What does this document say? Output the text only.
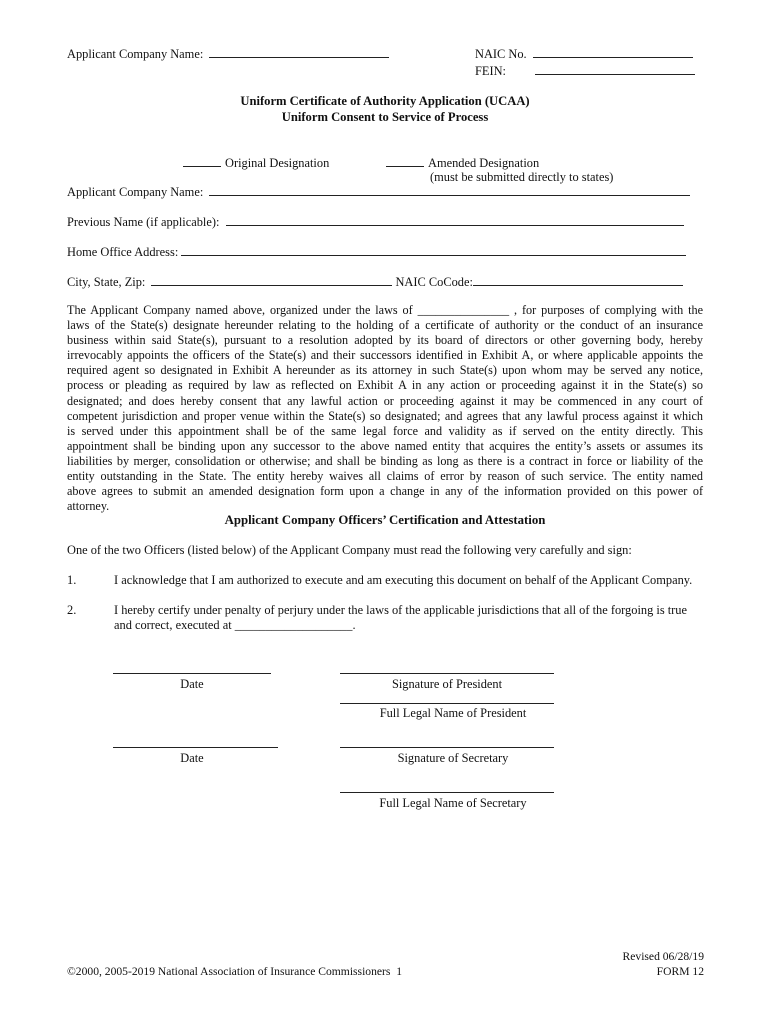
Applicant Company Name:	NAIC No.
FEIN:
Uniform Certificate of Authority Application (UCAA)
Uniform Consent to Service of Process
Original Designation	Amended Designation
(must be submitted directly to states)
Applicant Company Name:
Previous Name (if applicable):
Home Office Address:
City, State, Zip:	NAIC CoCode:
The Applicant Company named above, organized under the laws of _______________ , for purposes of complying with the
laws of the State(s) designate hereunder relating to the holding of a certificate of authority or the conduct of an insurance
business within said State(s), pursuant to a resolution adopted by its board of directors or other governing body, hereby
irrevocably appoints the officers of the State(s) and their successors identified in Exhibit A, or where applicable appoints the
required agent so designated in Exhibit A hereunder as its attorney in such State(s) upon whom may be served any notice,
process or pleading as required by law as reflected on Exhibit A in any action or proceeding against it in the State(s) so
designated; and does hereby consent that any lawful action or proceeding against it may be commenced in any court of
competent jurisdiction and proper venue within the State(s) so designated; and agrees that any lawful process against it which
is served under this appointment shall be of the same legal force and validity as if served on the entity directly. This
appointment shall be binding upon any successor to the above named entity that acquires the entity’s assets or assumes its
liabilities by merger, consolidation or otherwise; and shall be binding as long as there is a contract in force or liability of the
entity outstanding in the State. The entity hereby waives all claims of error by reason of such service. The entity named
above agrees to submit an amended designation form upon a change in any of the information provided on this power of
attorney.
Applicant Company Officers’ Certification and Attestation
One of the two Officers (listed below) of the Applicant Company must read the following very carefully and sign:
1.	I acknowledge that I am authorized to execute and am executing this document on behalf of the Applicant Company.
2.	I hereby certify under penalty of perjury under the laws of the applicable jurisdictions that all of the forgoing is true
and correct, executed at ___________________.
Date	Signature of President
Full Legal Name of President
Date	Signature of Secretary
Full Legal Name of Secretary
©2000, 2005-2019 National Association of Insurance Commissioners 1
Revised 06/28/19
FORM 12
